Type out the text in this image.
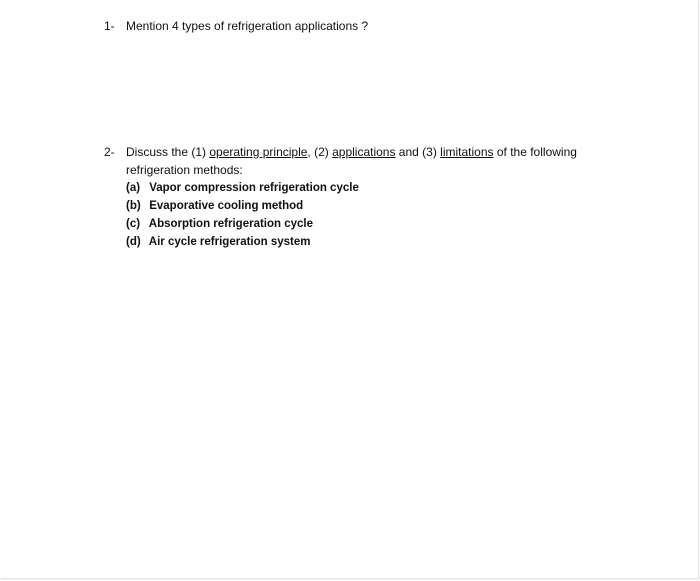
1- Mention 4 types of refrigeration applications ?
2- Discuss the (1) operating principle, (2) applications and (3) limitations of the following
refrigeration methods:
(a) Vapor compression refrigeration cycle
(b) Evaporative cooling method
(c) Absorption refrigeration cycle
(d) Air cycle refrigeration system
